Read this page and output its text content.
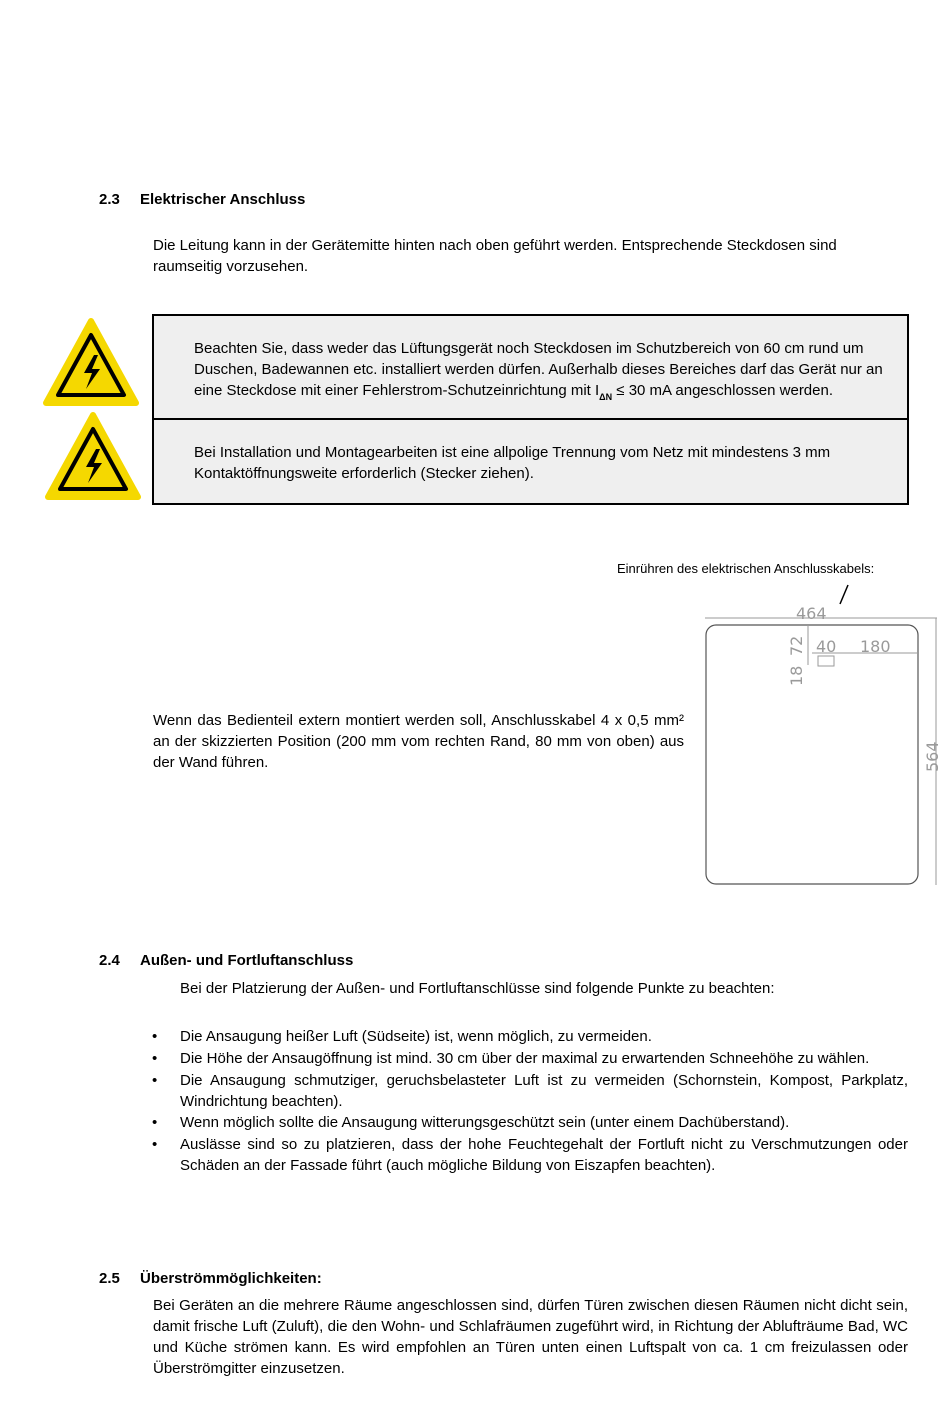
2.3 Elektrischer Anschluss
Die Leitung kann in der Gerätemitte hinten nach oben geführt werden. Entsprechende Steckdosen sind raumseitig vorzusehen.
Beachten Sie, dass weder das Lüftungsgerät noch Steckdosen im Schutzbereich von 60 cm rund um Duschen, Badewannen etc. installiert werden dürfen. Außerhalb dieses Bereiches darf das Gerät nur an eine Steckdose mit einer Fehlerstrom-Schutzeinrichtung mit $I_{\Delta N} \le 30$ mA angeschlossen werden.
Bei Installation und Montagearbeiten ist eine allpolige Trennung vom Netz mit mindestens 3 mm Kontaktöffnungsweite erforderlich (Stecker ziehen).
Einrühren des elektrischen Anschlusskabels:
464
564
72
18
40 180
Wenn das Bedienteil extern montiert werden soll, Anschlusskabel 4 x 0,5 mm² an der skizzierten Position (200 mm vom rechten Rand, 80 mm von oben) aus der Wand führen.
2.4 Außen- und Fortluftanschluss
Bei der Platzierung der Außen- und Fortluftanschlüsse sind folgende Punkte zu beachten:
• Die Ansaugung heißer Luft (Südseite) ist, wenn möglich, zu vermeiden.
• Die Höhe der Ansaugöffnung ist mind. 30 cm über der maximal zu erwartenden Schneehöhe zu wählen.
• Die Ansaugung schmutziger, geruchsbelasteter Luft ist zu vermeiden (Schornstein, Kompost, Parkplatz, Windrichtung beachten).
• Wenn möglich sollte die Ansaugung witterungsgeschützt sein (unter einem Dachüberstand).
• Auslässe sind so zu platzieren, dass der hohe Feuchtegehalt der Fortluft nicht zu Verschmutzungen oder Schäden an der Fassade führt (auch mögliche Bildung von Eiszapfen beachten).
2.5 Überströmmöglichkeiten:
Bei Geräten an die mehrere Räume angeschlossen sind, dürfen Türen zwischen diesen Räumen nicht dicht sein, damit frische Luft (Zuluft), die den Wohn- und Schlafräumen zugeführt wird, in Richtung der Ablufträume Bad, WC und Küche strömen kann. Es wird empfohlen an Türen unten einen Luftspalt von ca. 1 cm freizulassen oder Überströmgitter einzusetzen.
